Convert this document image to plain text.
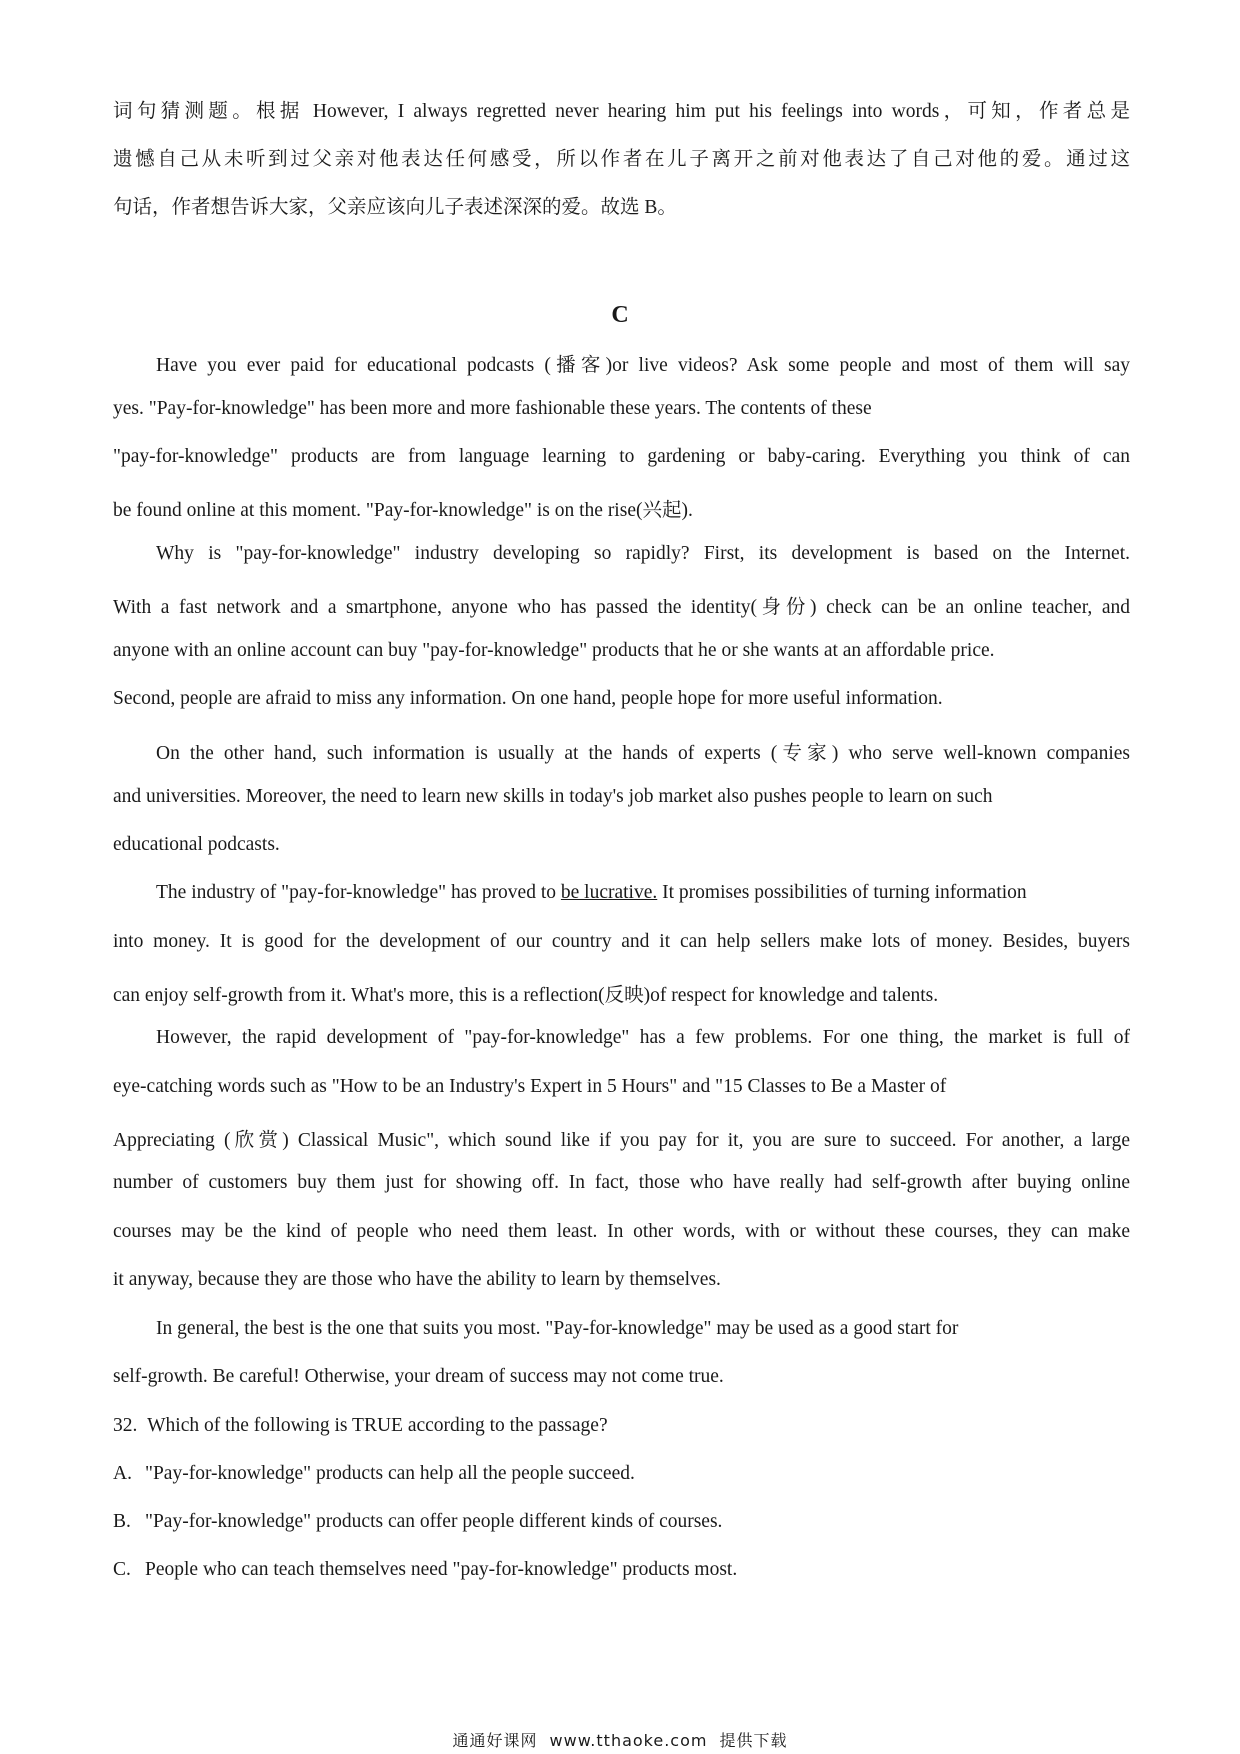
词句猜测题。根据 However, I always regretted never hearing him put his feelings into words，可知，作者总是
遗憾自己从未听到过父亲对他表达任何感受，所以作者在儿子离开之前对他表达了自己对他的爱。通过这
句话，作者想告诉大家，父亲应该向儿子表述深深的爱。故选 B。
C
Have you ever paid for educational podcasts (播客)or live videos? Ask some people and most of them will say
yes. "Pay-for-knowledge" has been more and more fashionable these years. The contents of these
"pay-for-knowledge" products are from language learning to gardening or baby-caring. Everything you think of can
be found online at this moment. "Pay-for-knowledge" is on the rise(兴起).
Why is "pay-for-knowledge" industry developing so rapidly? First, its development is based on the Internet.
With a fast network and a smartphone, anyone who has passed the identity(身份) check can be an online teacher, and
anyone with an online account can buy "pay-for-knowledge" products that he or she wants at an affordable price.
Second, people are afraid to miss any information. On one hand, people hope for more useful information.
On the other hand, such information is usually at the hands of experts (专家) who serve well-known companies
and universities. Moreover, the need to learn new skills in today's job market also pushes people to learn on such
educational podcasts.
The industry of "pay-for-knowledge" has proved to be lucrative. It promises possibilities of turning information
into money. It is good for the development of our country and it can help sellers make lots of money. Besides, buyers
can enjoy self-growth from it. What's more, this is a reflection(反映)of respect for knowledge and talents.
However, the rapid development of "pay-for-knowledge" has a few problems. For one thing, the market is full of
eye-catching words such as "How to be an Industry's Expert in 5 Hours" and "15 Classes to Be a Master of
Appreciating (欣赏) Classical Music", which sound like if you pay for it, you are sure to succeed. For another, a large
number of customers buy them just for showing off. In fact, those who have really had self-growth after buying online
courses may be the kind of people who need them least. In other words, with or without these courses, they can make
it anyway, because they are those who have the ability to learn by themselves.
In general, the best is the one that suits you most. "Pay-for-knowledge" may be used as a good start for
self-growth. Be careful! Otherwise, your dream of success may not come true.
32. Which of the following is TRUE according to the passage?
A. "Pay-for-knowledge" products can help all the people succeed.
B. "Pay-for-knowledge" products can offer people different kinds of courses.
C. People who can teach themselves need "pay-for-knowledge" products most.
通通好课网 www.tthaoke.com 提供下载
